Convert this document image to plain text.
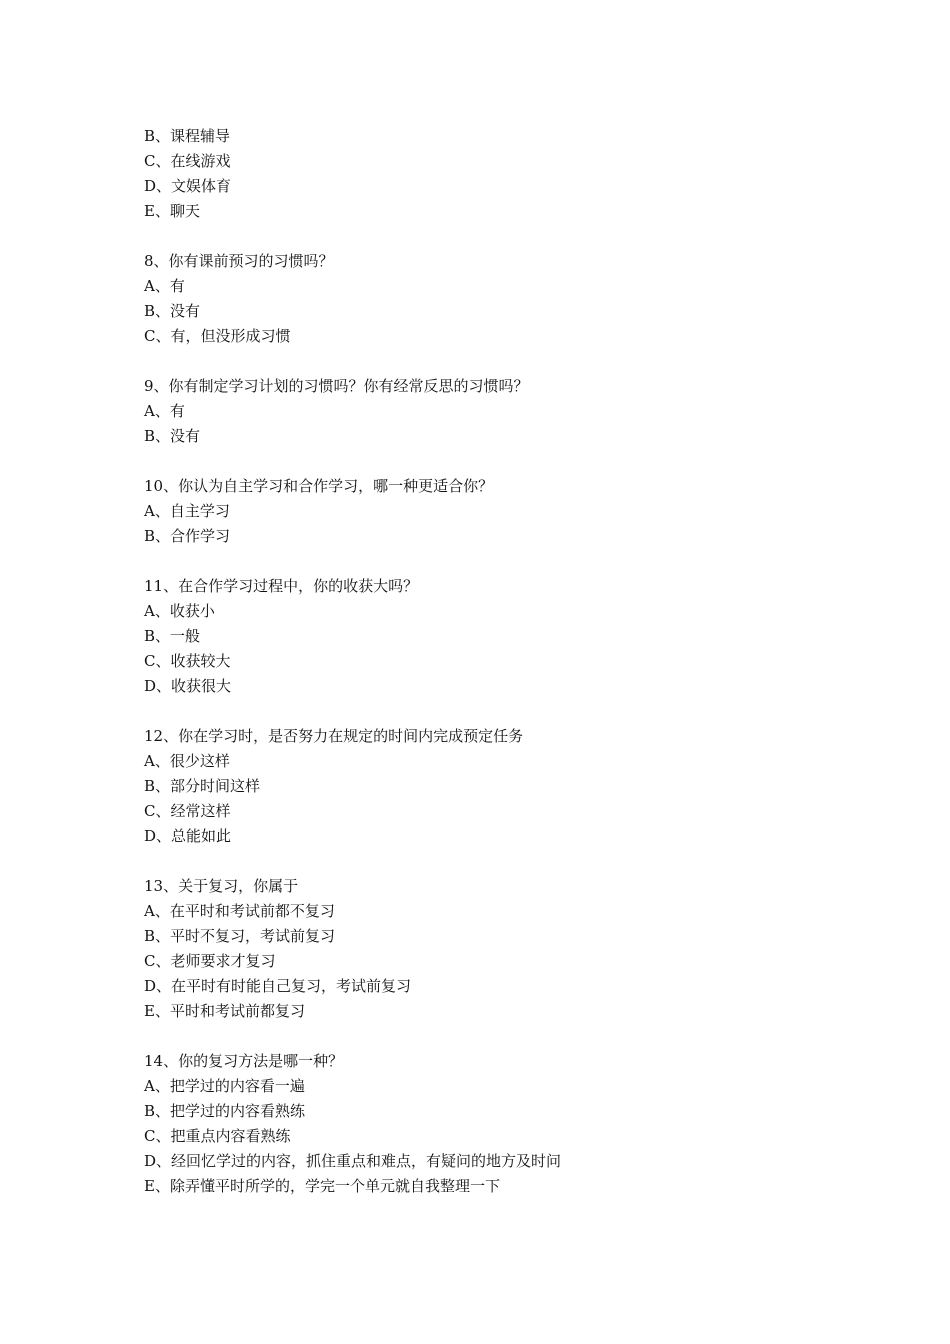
B、课程辅导
C、在线游戏
D、文娱体育
E、聊天
8、你有课前预习的习惯吗？
A、有
B、没有
C、有，但没形成习惯
9、你有制定学习计划的习惯吗？你有经常反思的习惯吗？
A、有
B、没有
10、你认为自主学习和合作学习，哪一种更适合你？
A、自主学习
B、合作学习
11、在合作学习过程中，你的收获大吗？
A、收获小
B、一般
C、收获较大
D、收获很大
12、你在学习时，是否努力在规定的时间内完成预定任务
A、很少这样
B、部分时间这样
C、经常这样
D、总能如此
13、关于复习，你属于
A、在平时和考试前都不复习
B、平时不复习，考试前复习
C、老师要求才复习
D、在平时有时能自己复习，考试前复习
E、平时和考试前都复习
14、你的复习方法是哪一种？
A、把学过的内容看一遍
B、把学过的内容看熟练
C、把重点内容看熟练
D、经回忆学过的内容，抓住重点和难点，有疑问的地方及时问
E、除弄懂平时所学的，学完一个单元就自我整理一下
